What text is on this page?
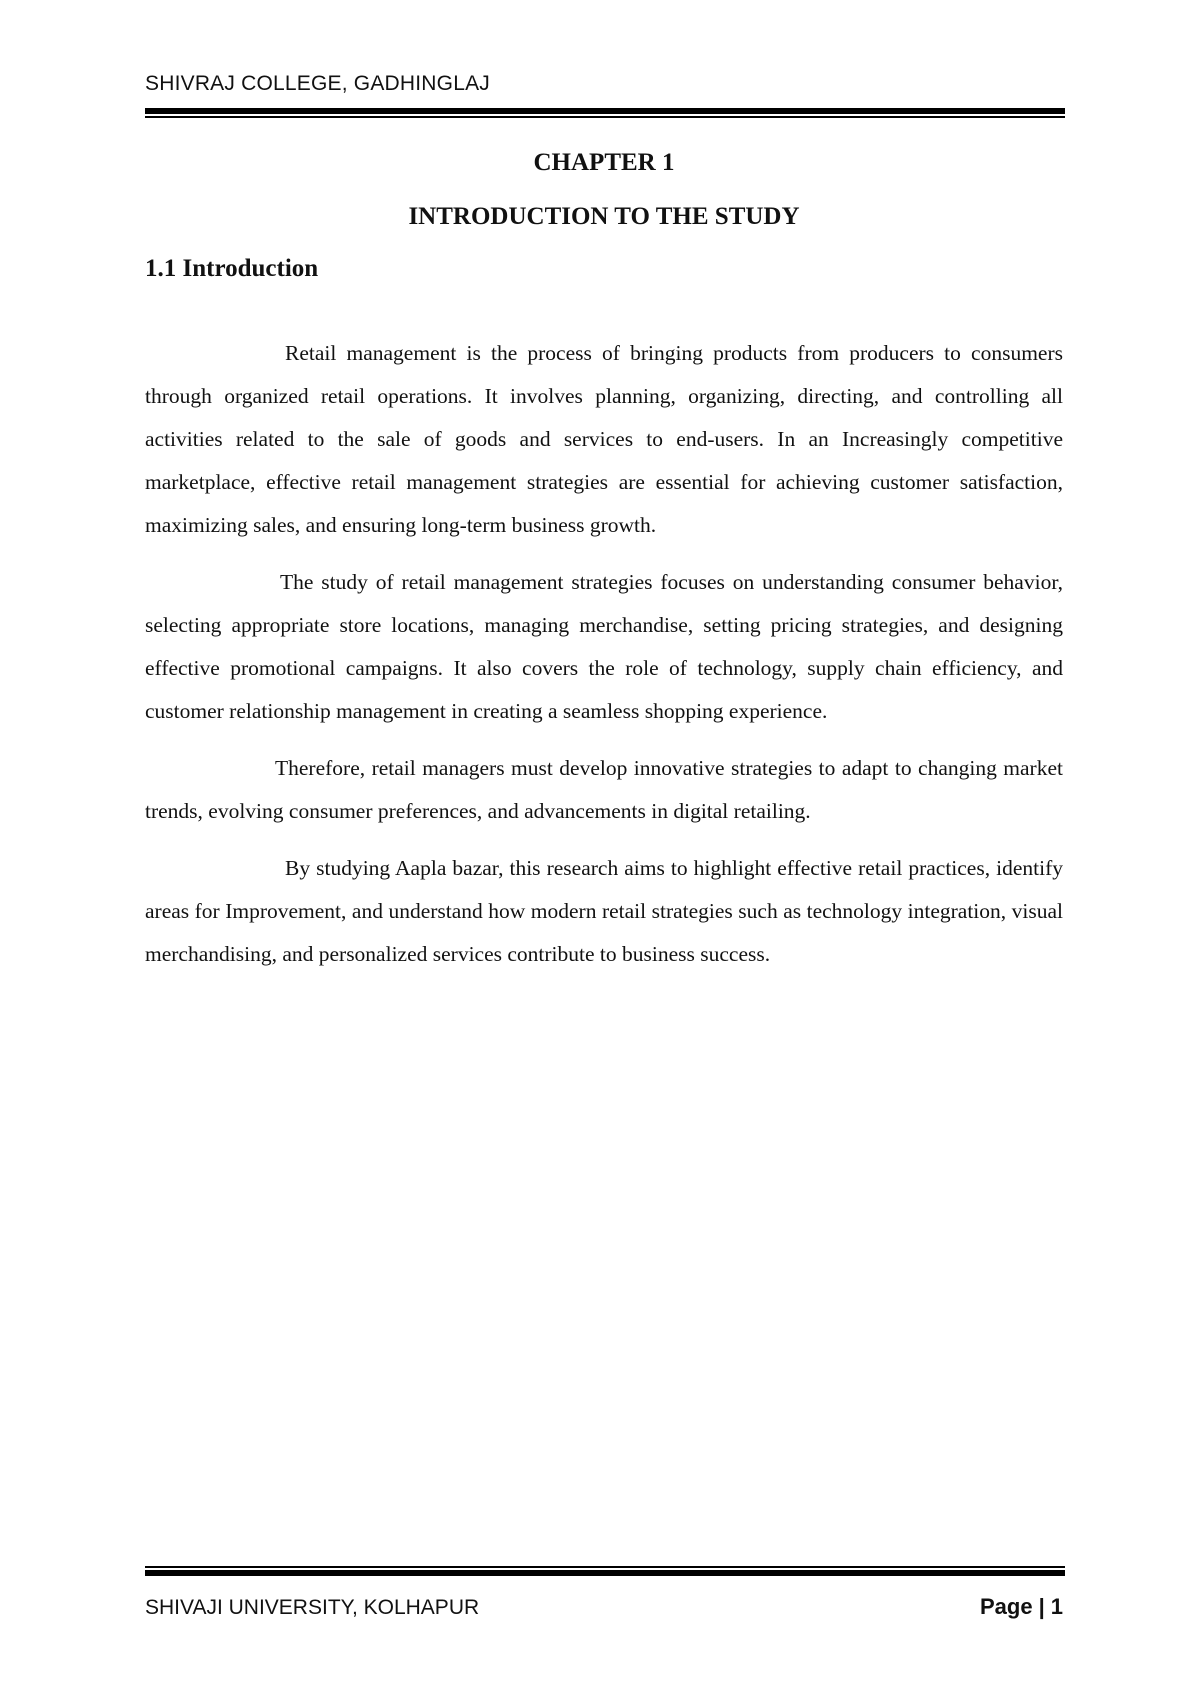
SHIVRAJ COLLEGE, GADHINGLAJ
CHAPTER 1
INTRODUCTION TO THE STUDY
1.1 Introduction

Retail management is the process of bringing products from producers to consumers through organized retail operations. It involves planning, organizing, directing, and controlling all activities related to the sale of goods and services to end-users. In an Increasingly competitive marketplace, effective retail management strategies are essential for achieving customer satisfaction, maximizing sales, and ensuring long-term business growth.

The study of retail management strategies focuses on understanding consumer behavior, selecting appropriate store locations, managing merchandise, setting pricing strategies, and designing effective promotional campaigns. It also covers the role of technology, supply chain efficiency, and customer relationship management in creating a seamless shopping experience.

Therefore, retail managers must develop innovative strategies to adapt to changing market trends, evolving consumer preferences, and advancements in digital retailing.

By studying Aapla bazar, this research aims to highlight effective retail practices, identify areas for Improvement, and understand how modern retail strategies such as technology integration, visual merchandising, and personalized services contribute to business success.

SHIVAJI UNIVERSITY, KOLHAPUR	Page | 1
